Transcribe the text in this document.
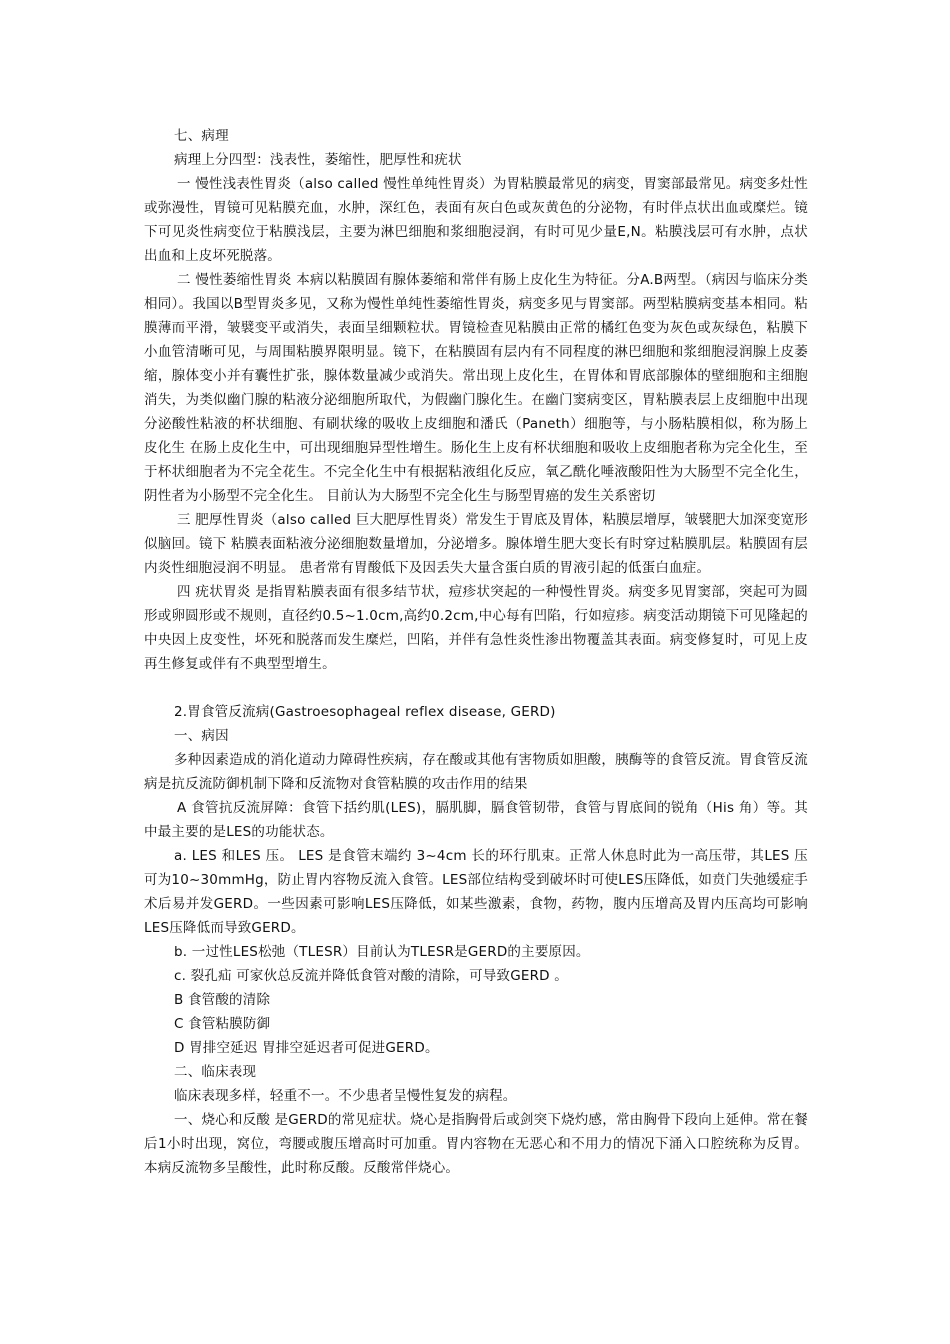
七、病理

病理上分四型：浅表性，萎缩性，肥厚性和疣状

一 慢性浅表性胃炎（also called 慢性单纯性胃炎）为胃粘膜最常见的病变，胃窦部最常见。病变多灶性或弥漫性，胃镜可见粘膜充血，水肿，深红色，表面有灰白色或灰黄色的分泌物，有时伴点状出血或糜烂。镜下可见炎性病变位于粘膜浅层，主要为淋巴细胞和浆细胞浸润，有时可见少量E,N。粘膜浅层可有水肿，点状出血和上皮坏死脱落。

二 慢性萎缩性胃炎 本病以粘膜固有腺体萎缩和常伴有肠上皮化生为特征。分A.B两型。（病因与临床分类相同）。我国以B型胃炎多见，又称为慢性单纯性萎缩性胃炎，病变多见与胃窦部。两型粘膜病变基本相同。粘膜薄而平滑，皱襞变平或消失，表面呈细颗粒状。胃镜检查见粘膜由正常的橘红色变为灰色或灰绿色，粘膜下小血管清晰可见，与周围粘膜界限明显。镜下，在粘膜固有层内有不同程度的淋巴细胞和浆细胞浸润腺上皮萎缩，腺体变小并有囊性扩张，腺体数量减少或消失。常出现上皮化生，在胃体和胃底部腺体的壁细胞和主细胞消失，为类似幽门腺的粘液分泌细胞所取代，为假幽门腺化生。在幽门窦病变区，胃粘膜表层上皮细胞中出现分泌酸性粘液的杯状细胞、有刷状缘的吸收上皮细胞和潘氏（Paneth）细胞等，与小肠粘膜相似，称为肠上皮化生 在肠上皮化生中，可出现细胞异型性增生。肠化生上皮有杯状细胞和吸收上皮细胞者称为完全化生，至于杯状细胞者为不完全花生。不完全化生中有根据粘液组化反应，氧乙酰化唾液酸阳性为大肠型不完全化生，阴性者为小肠型不完全化生。 目前认为大肠型不完全化生与肠型胃癌的发生关系密切

三 肥厚性胃炎（also called 巨大肥厚性胃炎）常发生于胃底及胃体，粘膜层增厚，皱襞肥大加深变宽形似脑回。镜下 粘膜表面粘液分泌细胞数量增加，分泌增多。腺体增生肥大变长有时穿过粘膜肌层。粘膜固有层内炎性细胞浸润不明显。 患者常有胃酸低下及因丢失大量含蛋白质的胃液引起的低蛋白血症。

四 疣状胃炎 是指胃粘膜表面有很多结节状，痘疹状突起的一种慢性胃炎。病变多见胃窦部，突起可为圆形或卵圆形或不规则，直径约0.5~1.0cm,高约0.2cm,中心每有凹陷，行如痘疹。病变活动期镜下可见隆起的中央因上皮变性，坏死和脱落而发生糜烂，凹陷，并伴有急性炎性渗出物覆盖其表面。病变修复时，可见上皮再生修复或伴有不典型型增生。

2.胃食管反流病(Gastroesophageal reflex disease, GERD)

一、病因

多种因素造成的消化道动力障碍性疾病，存在酸或其他有害物质如胆酸，胰酶等的食管反流。胃食管反流病是抗反流防御机制下降和反流物对食管粘膜的攻击作用的结果

A 食管抗反流屏障：食管下括约肌(LES)，膈肌脚，膈食管韧带，食管与胃底间的锐角（His 角）等。其中最主要的是LES的功能状态。

a. LES 和LES 压。 LES 是食管末端约 3~4cm 长的环行肌束。正常人休息时此为一高压带，其LES 压可为10~30mmHg，防止胃内容物反流入食管。LES部位结构受到破坏时可使LES压降低，如贲门失弛缓症手术后易并发GERD。一些因素可影响LES压降低，如某些激素，食物，药物，腹内压增高及胃内压高均可影响LES压降低而导致GERD。

b. 一过性LES松弛（TLESR）目前认为TLESR是GERD的主要原因。

c. 裂孔疝 可家伙总反流并降低食管对酸的清除，可导致GERD 。

B 食管酸的清除

C 食管粘膜防御

D 胃排空延迟 胃排空延迟者可促进GERD。

二、临床表现

临床表现多样，轻重不一。不少患者呈慢性复发的病程。

一、烧心和反酸 是GERD的常见症状。烧心是指胸骨后或剑突下烧灼感，常由胸骨下段向上延伸。常在餐后1小时出现，窝位，弯腰或腹压增高时可加重。胃内容物在无恶心和不用力的情况下涌入口腔统称为反胃。本病反流物多呈酸性，此时称反酸。反酸常伴烧心。
